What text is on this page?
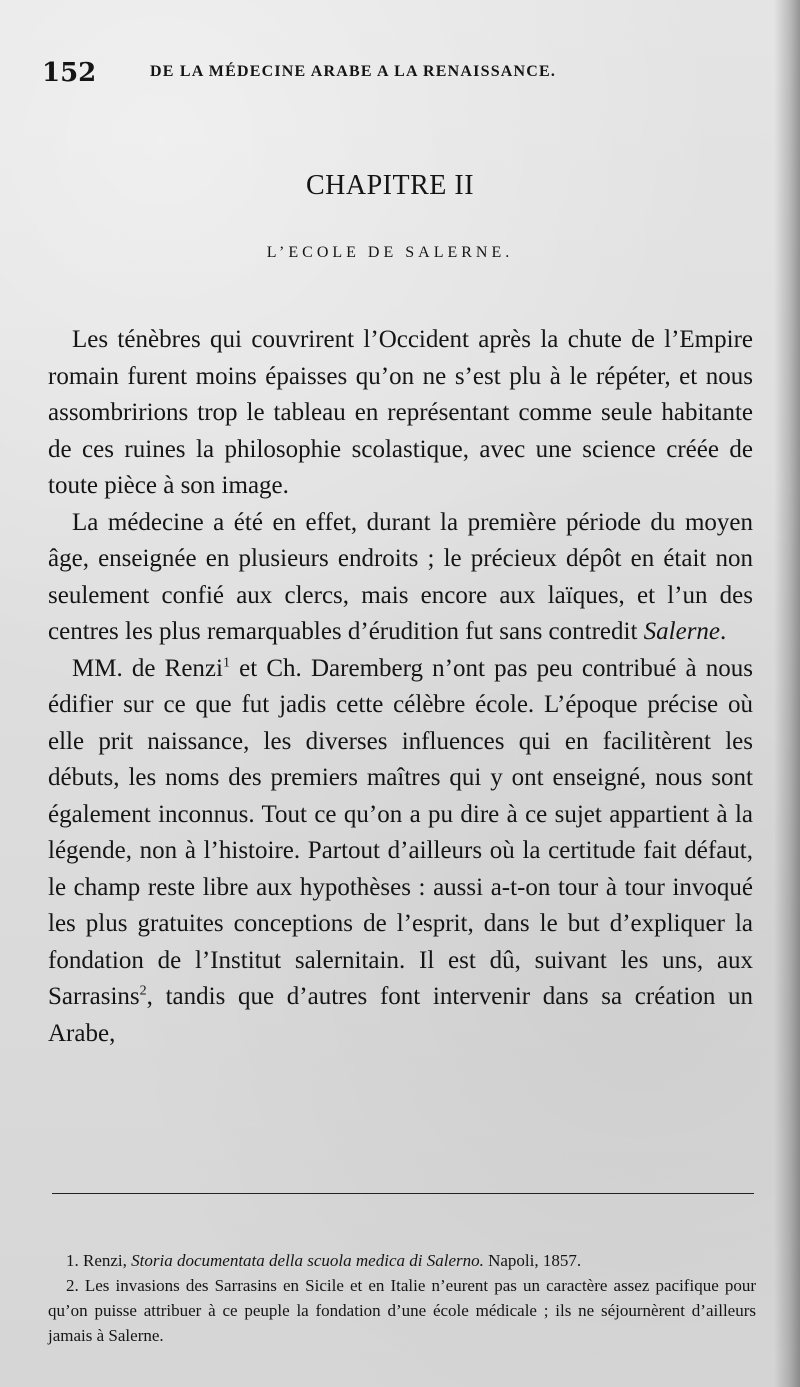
152	DE LA MÉDECINE ARABE A LA RENAISSANCE.
CHAPITRE II
L’ECOLE DE SALERNE.

Les ténèbres qui couvrirent l’Occident après la chute de l’Empire romain furent moins épaisses qu’on ne s’est plu à le répéter, et nous assombririons trop le tableau en représentant comme seule habitante de ces ruines la philosophie scolastique, avec une science créée de toute pièce à son image.

La médecine a été en effet, durant la première période du moyen âge, enseignée en plusieurs endroits ; le précieux dépôt en était non seulement confié aux clercs, mais encore aux laïques, et l’un des centres les plus remarquables d’érudition fut sans contredit Salerne.

MM. de Renzi$^1$ et Ch. Daremberg n’ont pas peu contribué à nous édifier sur ce que fut jadis cette célèbre école. L’époque précise où elle prit naissance, les diverses influences qui en facilitèrent les débuts, les noms des premiers maîtres qui y ont enseigné, nous sont également inconnus. Tout ce qu’on a pu dire à ce sujet appartient à la légende, non à l’histoire. Partout d’ailleurs où la certitude fait défaut, le champ reste libre aux hypothèses : aussi a-t-on tour à tour invoqué les plus gratuites conceptions de l’esprit, dans le but d’expliquer la fondation de l’Institut salernitain. Il est dû, suivant les uns, aux Sarrasins$^2$, tandis que d’autres font intervenir dans sa création un Arabe,

1. Renzi, Storia documentata della scuola medica di Salerno. Napoli, 1857.

2. Les invasions des Sarrasins en Sicile et en Italie n’eurent pas un caractère assez pacifique pour qu’on puisse attribuer à ce peuple la fondation d’une école médicale ; ils ne séjournèrent d’ailleurs jamais à Salerne.
